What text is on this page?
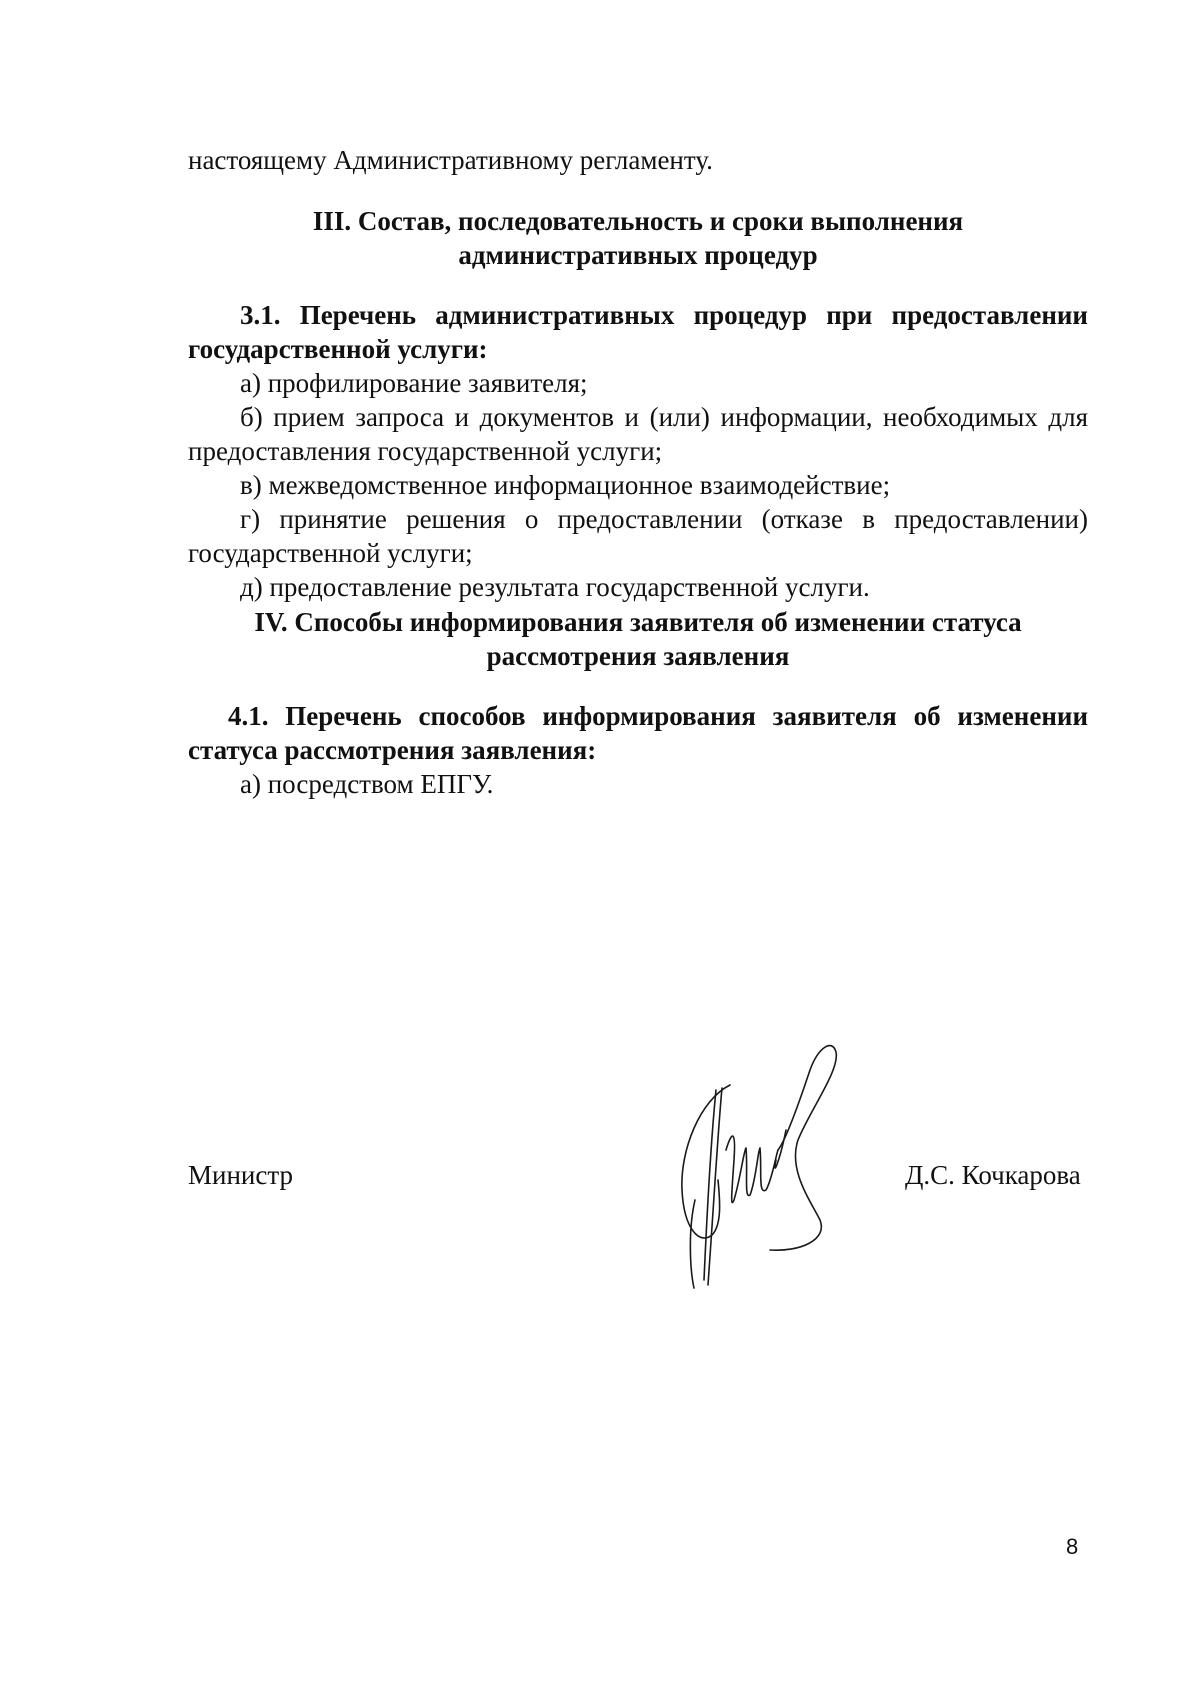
настоящему Административному регламенту.

III. Состав, последовательность и сроки выполнения

административных процедур

3.1. Перечень административных процедур при предоставлении государственной услуги:

а) профилирование заявителя;

б) прием запроса и документов и (или) информации, необходимых для предоставления государственной услуги;

в) межведомственное информационное взаимодействие;

г) принятие решения о предоставлении (отказе в предоставлении) государственной услуги;

д) предоставление результата государственной услуги.

IV. Способы информирования заявителя об изменении статуса

рассмотрения заявления

4.1. Перечень способов информирования заявителя об изменении статуса рассмотрения заявления:

а) посредством ЕПГУ.

Министр	Д.С. Кочкарова
8
